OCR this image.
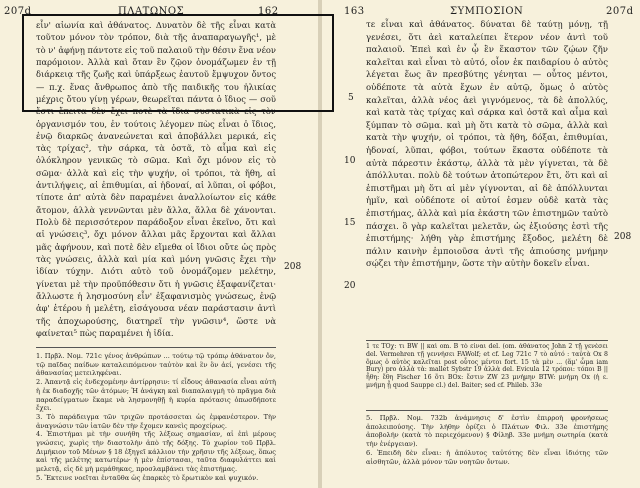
207d	ΠΛΑΤΩΝΟΣ	162

εἶν' αἰωνία καὶ ἀθάνατος. Δυνατὸν δὲ τῆς εἶναι κατὰ τοῦτον μόνον τὸν τρόπον, διὰ τῆς ἀναπαραγωγῆς¹, μὲ τὸ ν' ἀφήνῃ πάντοτε εἰς τοῦ παλαιοῦ τὴν θέσιν ἕνα νέον παρόμοιον. Ἀλλὰ καὶ ὅταν ἓν ζῷον ὀνομάζωμεν ἐν τῇ διάρκειᾳ τῆς ζωῆς καὶ ὑπάρξεως ἑαυτοῦ ἔμψυχον ὄντος — π.χ. ἕνας ἄνθρωπος ἀπὸ τῆς παιδικῆς του ἡλικίας μέχρις ὅτου γίνῃ γέρων, θεωρεῖται πάντα ὁ ἴδιος — σοῦ ἔστι ἔπειτα δὲν ἔχει ποτὲ τὰ ἴδια συστατικὰ εἰς τὸν ὀργανισμόν του, ἐν τούτοις λέγομεν πὼς εἶναι ὁ ἴδιος, ἐνῷ διαρκῶς ἀνανεώνεται καὶ ἀποβάλλει μερικά, εἰς τὰς τρίχας², τὴν σάρκα, τὰ ὀστᾶ, τὸ αἷμα καὶ εἰς ὁλόκληρον γενικῶς τὸ σῶμα. Καὶ ὄχι μόνον εἰς τὸ σῶμα· ἀλλὰ καὶ εἰς τὴν ψυχήν, οἱ τρόποι, τὰ ἤθη, αἱ ἀντιλήψεις, αἱ ἐπιθυμίαι, αἱ ἡδοναί, αἱ λῦπαι, οἱ φόβοι, τίποτε ἀπ' αὐτὰ δὲν παραμένει ἀναλλοίωτον εἰς κάθε ἄτομον, ἀλλὰ γεννῶνται μὲν ἄλλα, ἄλλα δὲ χάνονται. Πολὺ δὲ περισσότερον παράδοξον εἶναι ἐκεῖνο, ὅτι καὶ αἱ γνώσεις³, ὄχι μόνον ἄλλαι μᾶς ἔρχονται καὶ ἄλλαι μᾶς ἀφήνουν, καὶ ποτὲ δὲν εἴμεθα οἱ ἴδιοι οὔτε ὡς πρὸς τὰς γνώσεις, ἀλλὰ καὶ μία καὶ μόνη γνῶσις ἔχει τὴν ἰδίαν τύχην. Διότι αὐτὸ τοῦ ὀνομάζομεν μελέτην, γίνεται μὲ τὴν προϋπόθεσιν ὅτι ἡ γνῶσις ἐξαφανίζεται· ἄλλωστε ἡ λησμοσύνη εἶν' ἐξαφανισμὸς γνώσεως, ἐνῷ ἀφ' ἑτέρου ἡ μελέτη, εἰσάγουσα νέαν παράστασιν ἀντὶ τῆς ἀποχωρούσης, διατηρεῖ τὴν γνῶσιν⁴, ὥστε νὰ φαίνεται⁵ πὼς παραμένει ἡ ἰδία.

208

1. Πρβλ. Νομ. 721c γένος ἀνθρώπων ... τούτῳ τῷ τρόπῳ ἀθάνατον ὄν, τῷ παῖδας παίδων καταλειπόμενον ταὐτὸν καὶ ἓν ὂν ἀεί, γενέσει τῆς ἀθανασίας μετειληφέναι.

2. Ἀπαντᾷ εἰς ἐνδεχομένην ἀντίρρησιν: τί εἶδους ἀθανασία εἶναι αὐτὴ ἡ ἐκ διαδοχῆς τῶν ἀτόμων; Ἡ ἀνάγκη καὶ διαπαλαιγμὴ τὸ πρᾶγμα διὰ παραδείγματων ἔκαμε νὰ λησμονηθῇ ἡ κυρία πρότασις ὁπωσδήποτε ἔχει.

3. Τὸ παράδειγμα τῶν τριχῶν προτάσσεται ὡς ἐμφανέστερον. Τὴν ἀναγνώσιν τῶν ἰατῶν δὲν τὴν ἔχομεν κανεὶς προχείρως.

4. Ἐπιστήμαι μὲ τὴν συνήθη τῆς λέξεως σημασίαν, αἱ ἐπὶ μέρους γνώσεις, χωρὶς τὴν διαστολὴν ἀπὸ τῆς δόξης. Τὸ χωρίον τοῦ Πρβλ. Διμήκιον τοῦ Μένων § 18 ἐξηγεῖ κάλλιον τὴν χρῆσιν τῆς λέξεως, ὅπως καὶ τῆς μελέτης κατωτέρω· ἡ μὲν ἐπίστασαι, ταῦτα διαφυλάττει καὶ μελετᾷ, εἰς δὲ μὴ μεμάθηκας, προσλαμβάνει τὰς ἐπιστήμας.

5. Ἔκτεινε νοεῖται ἐνταῦθα ὡς ἐπαρκὲς τὸ ἔρωτικὸν καὶ ψυχικόν.

163	ΣΥΜΠΟΣΙΟΝ	207d

τε εἶναι καὶ ἀθάνατος. δύναται δὲ ταύτῃ μόνῃ, τῇ γενέσει, ὅτι ἀεὶ καταλείπει ἕτερον νέον ἀντὶ τοῦ παλαιοῦ. Ἐπεὶ καὶ ἐν ᾧ ἓν ἕκαστον τῶν ζῴων ζῆν καλεῖται καὶ εἶναι τὸ αὐτό, οἷον ἐκ παιδαρίου ὁ αὐτὸς λέγεται ἕως ἂν πρεσβύτης γένηται — οὗτος μέντοι, οὐδέποτε τὰ αὐτὰ ἔχων ἐν αὑτῷ, ὅμως ὁ αὐτὸς καλεῖται, ἀλλὰ νέος ἀεὶ γιγνόμενος, τὰ δὲ ἀπολλύς, καὶ κατὰ τὰς τρίχας καὶ σάρκα καὶ ὀστᾶ καὶ αἷμα καὶ ξύμπαν τὸ σῶμα. καὶ μὴ ὅτι κατὰ τὸ σῶμα, ἀλλὰ καὶ κατὰ τὴν ψυχήν, οἱ τρόποι, τὰ ἤθη, δόξαι, ἐπιθυμίαι, ἡδοναί, λῦπαι, φόβοι, τούτων ἕκαστα οὐδέποτε τὰ αὐτὰ πάρεστιν ἑκάστῳ, ἀλλὰ τὰ μὲν γίγνεται, τὰ δὲ ἀπόλλυται. πολὺ δὲ τούτων ἀτοπώτερον ἔτι, ὅτι καὶ αἱ ἐπιστῆμαι μὴ ὅτι αἱ μὲν γίγνονται, αἱ δὲ ἀπόλλυνται ἡμῖν, καὶ οὐδέποτε οἱ αὐτοί ἐσμεν οὐδὲ κατὰ τὰς ἐπιστήμας, ἀλλὰ καὶ μία ἑκάστη τῶν ἐπιστημῶν ταὐτὸ πάσχει. ὃ γὰρ καλεῖται μελετᾶν, ὡς ἐξιούσης ἐστὶ τῆς ἐπιστήμης· λήθη γὰρ ἐπιστήμης ἔξοδος, μελέτη δὲ πάλιν καινὴν ἐμποιοῦσα ἀντὶ τῆς ἀπιούσης μνήμην σῴζει τὴν ἐπιστήμην, ὥστε τὴν αὐτὴν δοκεῖν εἶναι.

5
10
15
20
208
1 τε ΤΟχ: τι BW || καὶ om. B τὸ εἶναι del. (om. ἀθάνατος John 2 τῇ γενέσει del. Vermehren τῇ γεννήσει FAWolf; et cf. Leg 721c 7 τὸ αὐτό : ταὐτὰ Ox 8 ὅμως ὁ αὐτὸς καλεῖται post οὗτος μέντοι fort. 15 τὰ μὲν ... (ἅμ' ὧμα iam Bury) pro ἀλλὰ τὰ: mallet Sybstr 19 ἀλλὰ del. Evicula 12 τρόποι: τόποι B || ἦθη: ἔθη Fischer 16 ὅτι BOx: ἔστιν ZW 23 μνήμην BTW: μνήμη Ox (ἡ ε. μνήμη ᾗ quod Sauppe cl.) del. Baiter; sed cf. Phileb. 33e

5. Πρβλ. Νομ. 732b ἀνάμνησις δ' ἐστὶν ἐπιρροὴ φρονήσεως ἀπολειπούσης. Τὴν λήθην ὁρίζει ὁ Πλάτων Φιλ. 33e ἐπιστήμης ἀποβολήν (κατὰ τὸ περιεχόμενον) § Φίληβ. 33e μνήμη σωτηρία (κατὰ τὴν ἐνέργειαν).

6. Ἐπειδὴ δὲν εἶναι: ἡ ἀπόλυτος ταὐτότης δὲν εἶναι ἰδιότης τῶν αἰσθητῶν, ἀλλὰ μόνον τῶν νοητῶν ὄντων.
